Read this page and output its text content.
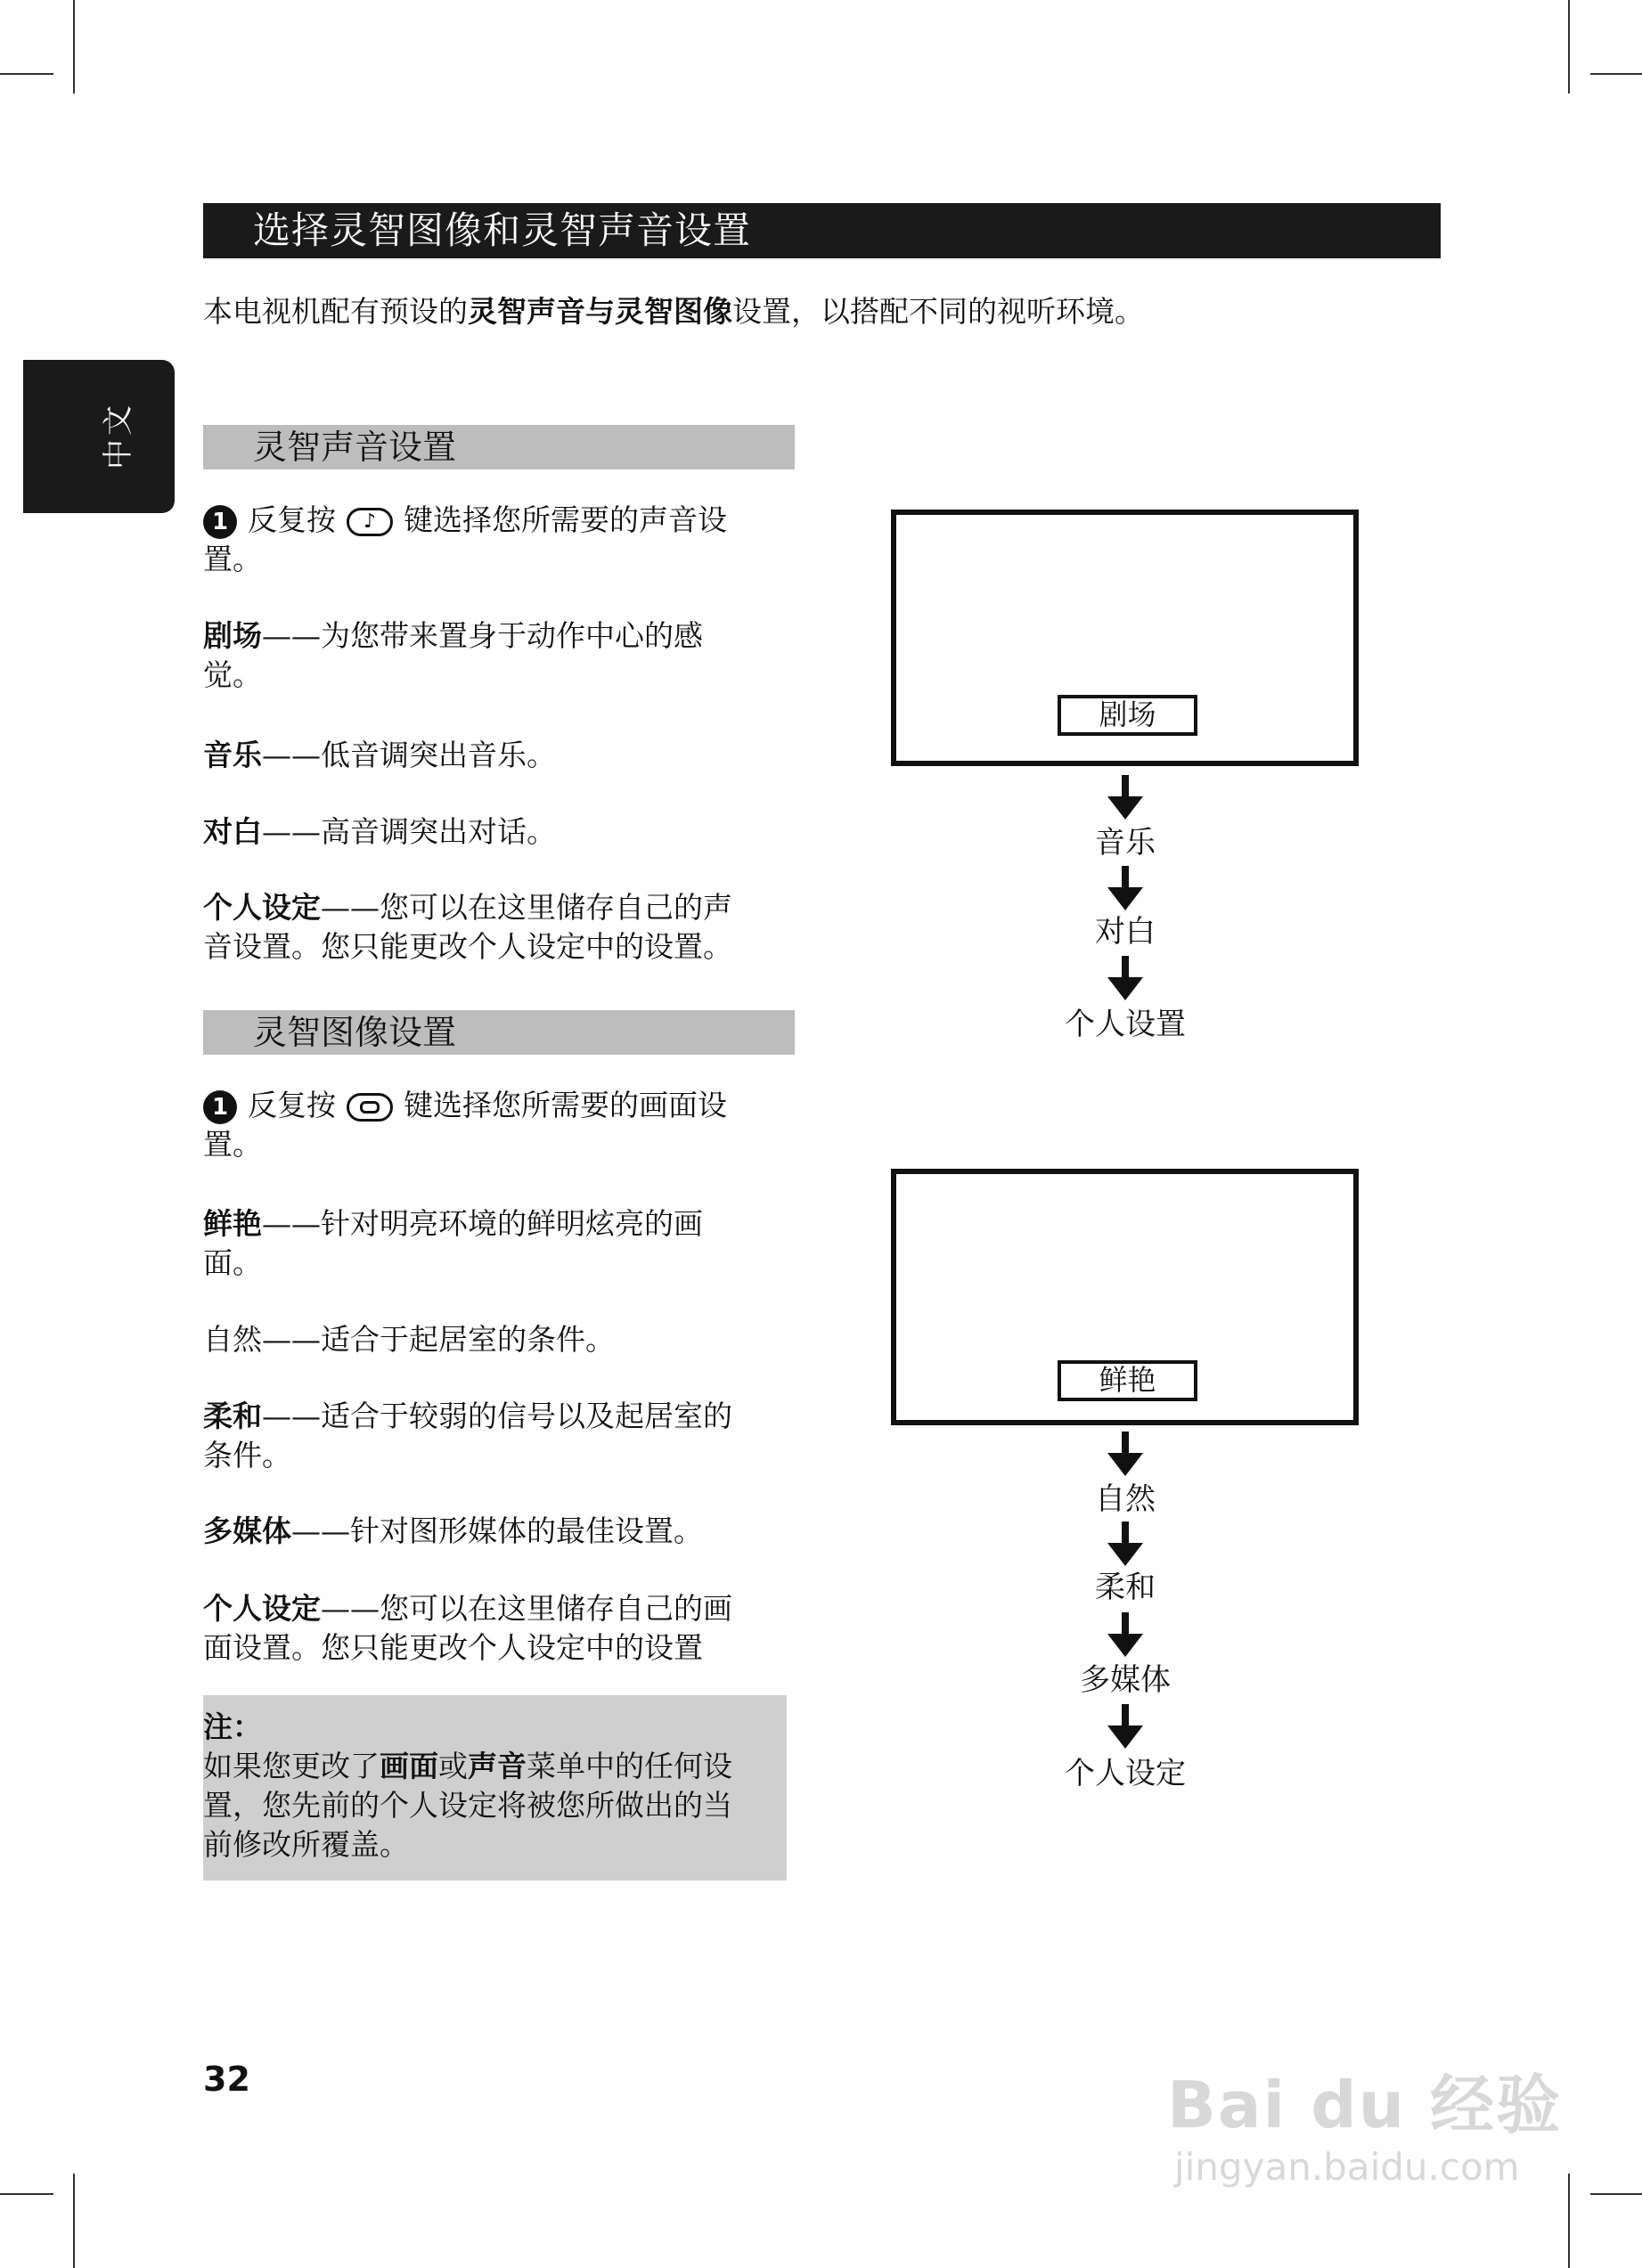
选择灵智图像和灵智声音设置
本电视机配有预设的灵智声音与灵智图像设置，以搭配不同的视听环境。
中文	灵智声音设置
1 反复按 ♪ 键选择您所需要的声音设
置。
剧场——为您带来置身于动作中心的感
觉。
音乐——低音调突出音乐。
对白——高音调突出对话。
个人设定——您可以在这里储存自己的声
音设置。您只能更改个人设定中的设置。
灵智图像设置
1 反复按 键选择您所需要的画面设
置。
鲜艳——针对明亮环境的鲜明炫亮的画
面。
自然——适合于起居室的条件。
柔和——适合于较弱的信号以及起居室的
条件。
多媒体——针对图形媒体的最佳设置。
个人设定——您可以在这里储存自己的画
面设置。您只能更改个人设定中的设置
注：
如果您更改了画面或声音菜单中的任何设
置，您先前的个人设定将被您所做出的当
前修改所覆盖。
剧场
音乐
对白
个人设置
鲜艳
自然
柔和
多媒体
个人设定
32	Bai du 经验
jingyan.baidu.com
